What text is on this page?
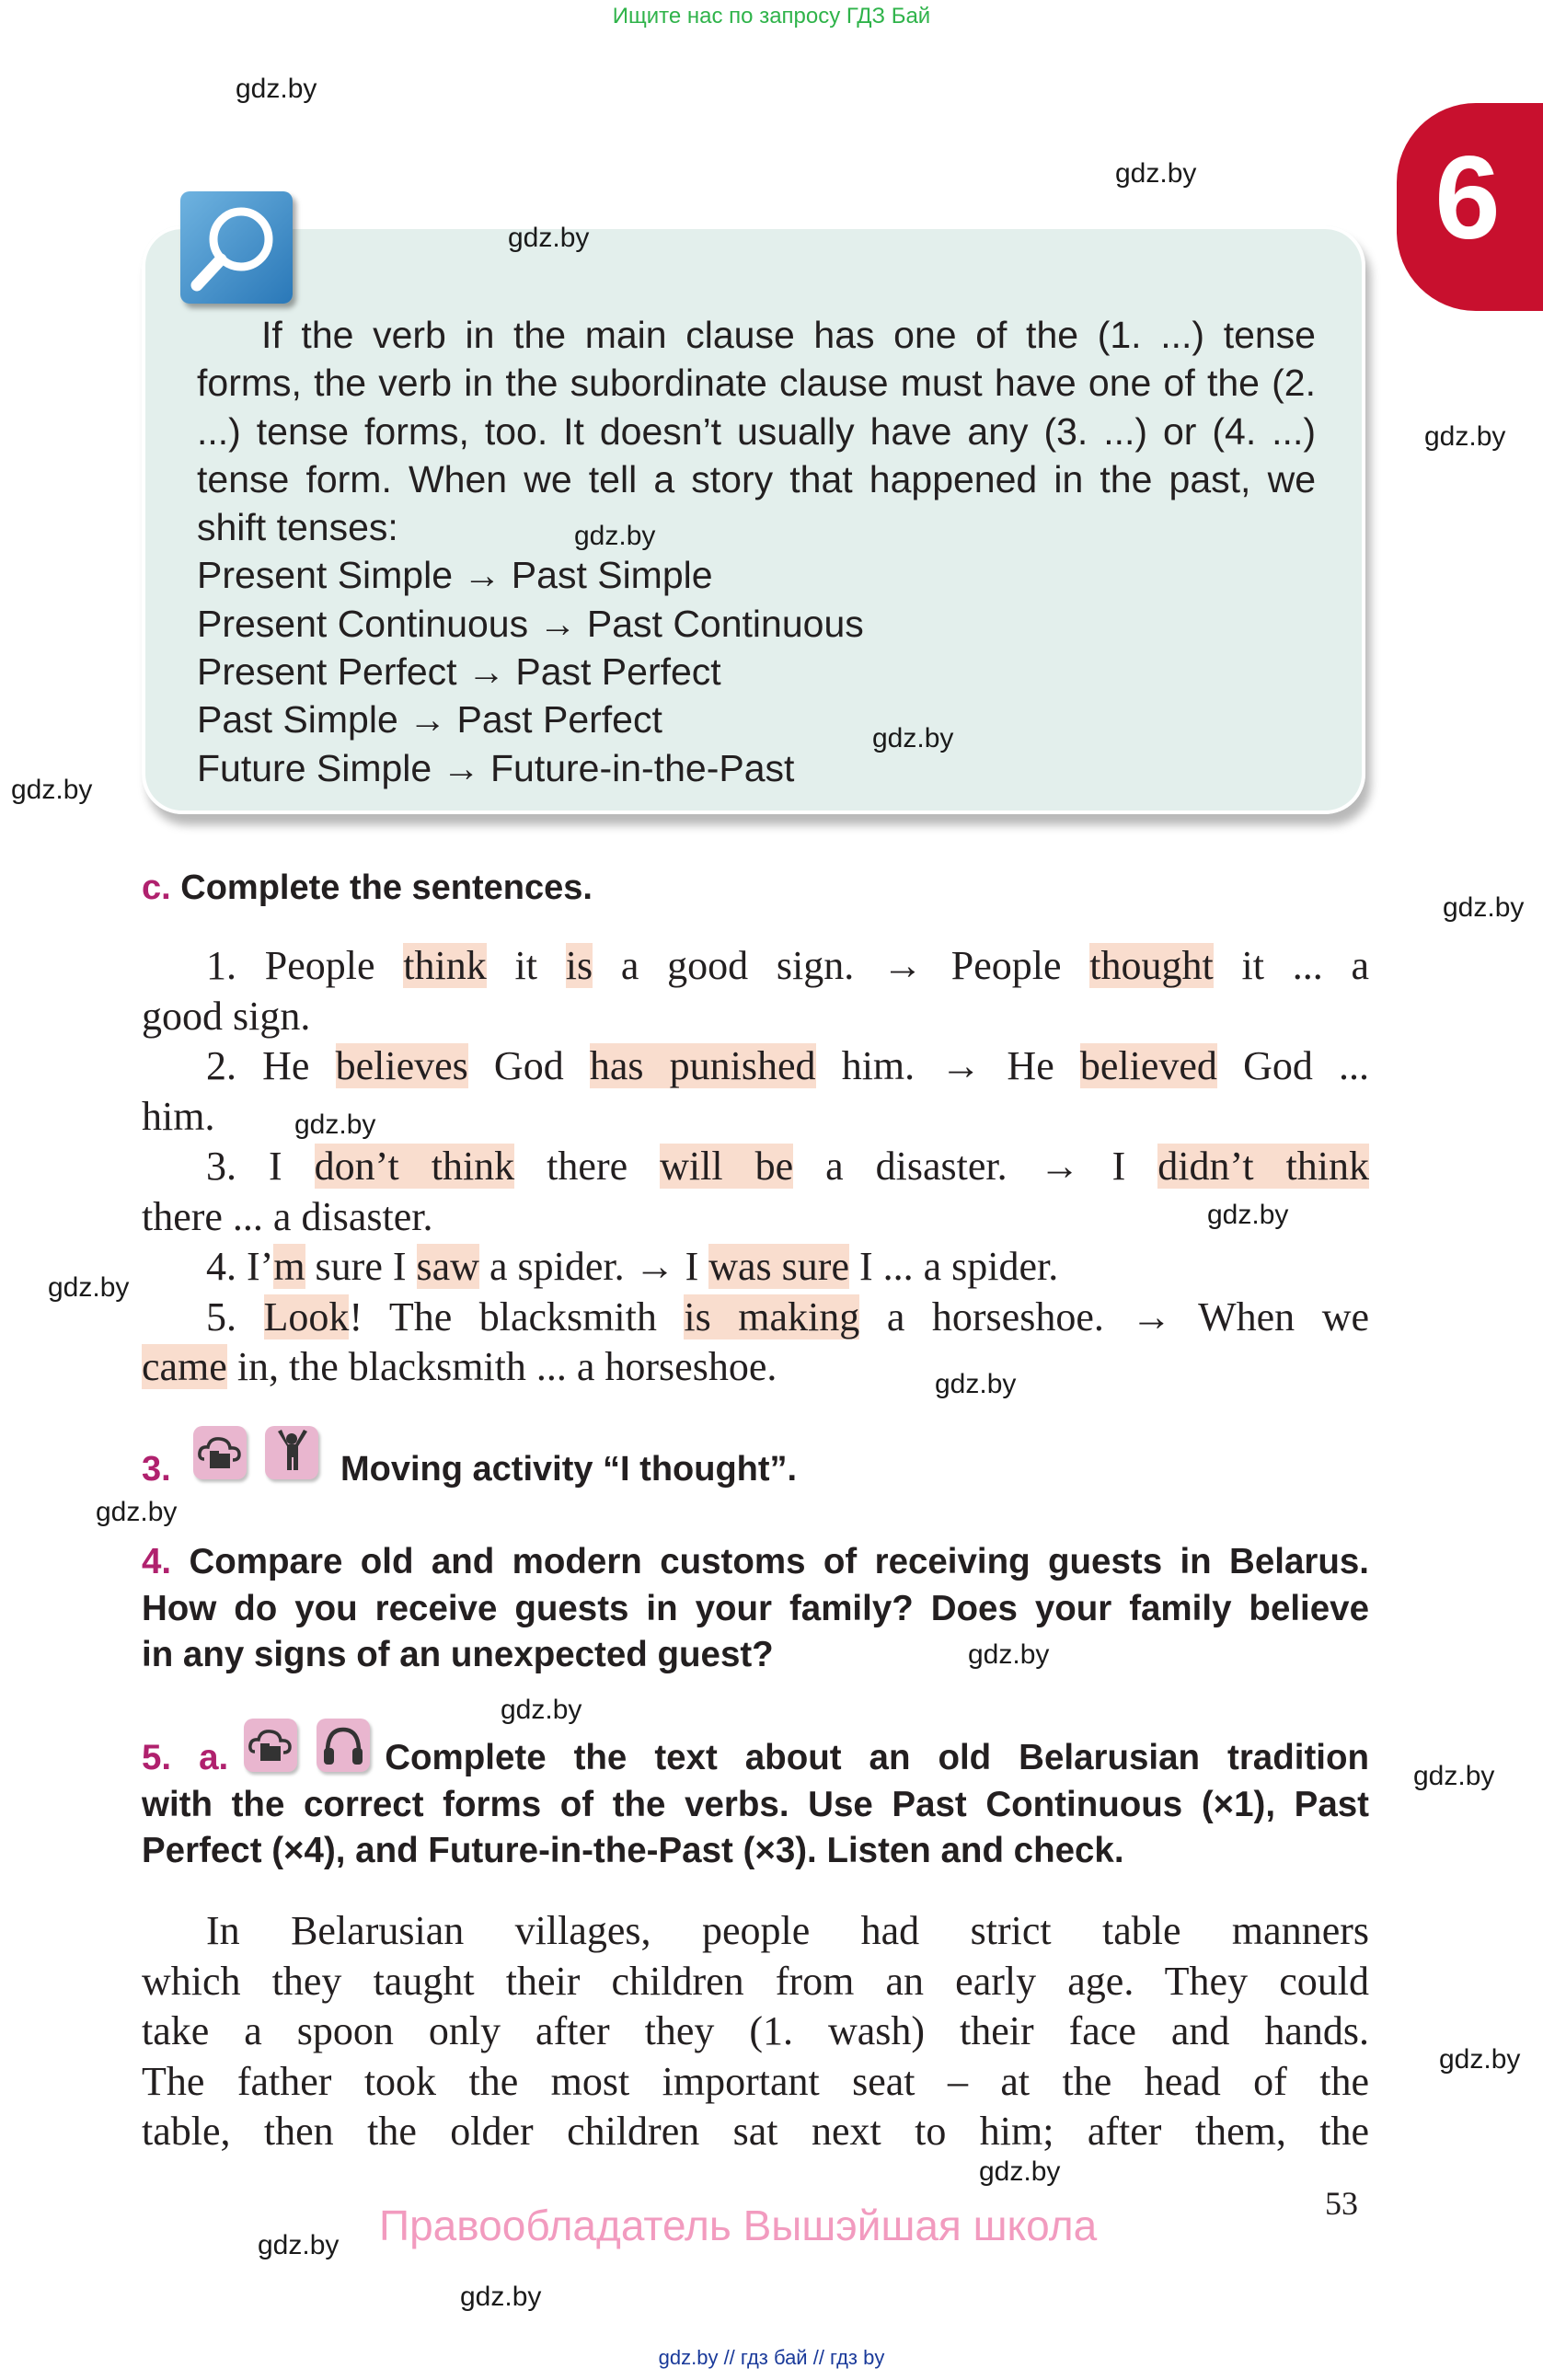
Ищите нас по запросу ГДЗ Бай
6
If the verb in the main clause has one of the (1. ...) tense forms, the verb in the subordinate clause must have one of the (2. ...) tense forms, too. It doesn’t usually have any (3. ...) or (4. ...) tense form. When we tell a story that happened in the past, we shift tenses:
Present Simple → Past Simple
Present Continuous → Past Continuous
Present Perfect → Past Perfect
Past Simple → Past Perfect
Future Simple → Future-in-the-Past
c. Complete the sentences.
1. People think it is a good sign. → People thought it ... a
good sign.
2. He believes God has punished him. → He believed God ...
him.
3. I don’t think there will be a disaster. → I didn’t think
there ... a disaster.
4. I’m sure I saw a spider. → I was sure I ... a spider.
5. Look! The blacksmith is making a horseshoe. → When we
came in, the blacksmith ... a horseshoe.
3.	Moving activity “I thought”.
4. Compare old and modern customs of receiving guests in Belarus.
How do you receive guests in your family? Does your family believe
in any signs of an unexpected guest?
5. a.	Complete the text about an old Belarusian tradition
with the correct forms of the verbs. Use Past Continuous (×1), Past
Perfect (×4), and Future-in-the-Past (×3). Listen and check.
In Belarusian villages, people had strict table manners
which they taught their children from an early age. They could
take a spoon only after they (1. wash) their face and hands.
The father took the most important seat – at the head of the
table, then the older children sat next to him; after them, the
53
Правообладатель Вышэйшая школа
gdz.by // гдз бай // гдз by
gdz.by
gdz.by
gdz.by
gdz.by
gdz.by
gdz.by
gdz.by
gdz.by
gdz.by
gdz.by
gdz.by
gdz.by
gdz.by
gdz.by
gdz.by
gdz.by
gdz.by
gdz.by
gdz.by
gdz.by
